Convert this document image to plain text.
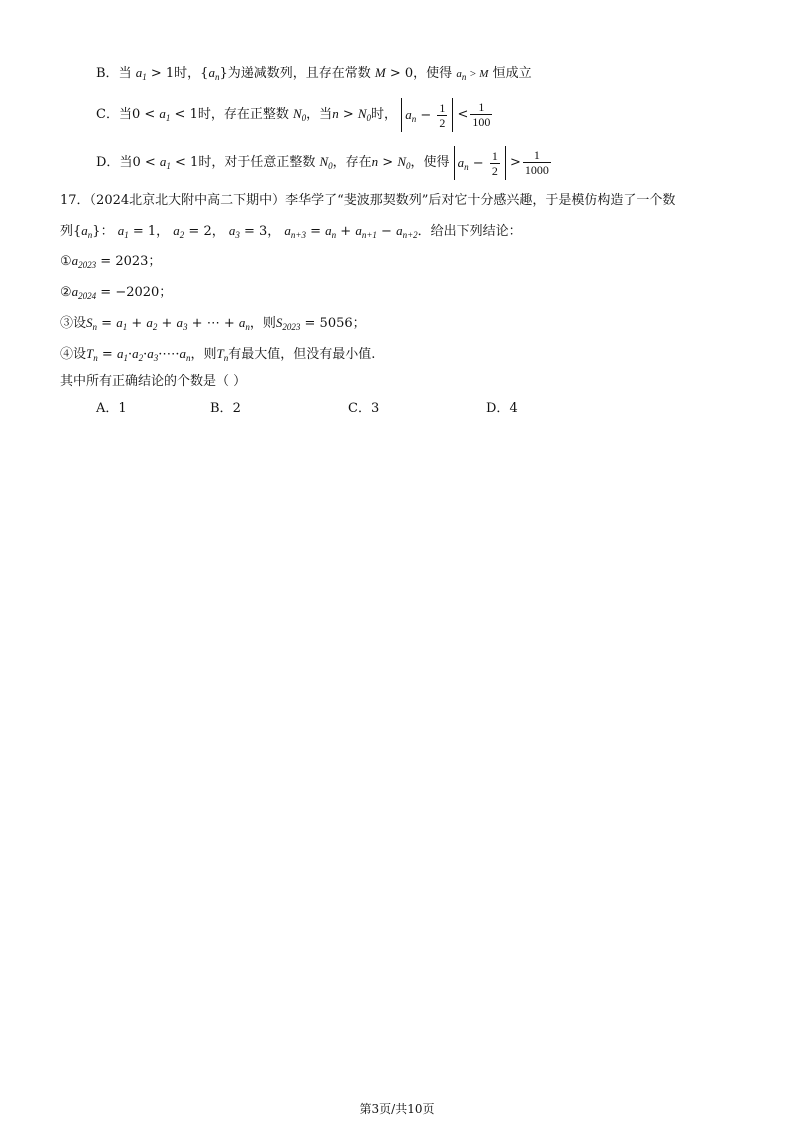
B．当 $a_1 > 1$时，$\{a_n\}$为递减数列，且存在常数 M > 0，使得 $a_n > M$ 恒成立
C．当$0 < a_1 < 1$时，存在正整数 $N_0$，当$n > N_0$时， $a_n - \frac{1}{2} < \frac{1}{100}$
D．当$0 < a_1 < 1$时，对于任意正整数 $N_0$，存在$n > N_0$，使得 $a_n - \frac{1}{2} > \frac{1}{1000}$
17．（2024北京北大附中高二下期中）李华学了“斐波那契数列”后对它十分感兴趣，于是模仿构造了一个数
列$\{a_n\}$： $a_1 = 1$， $a_2 = 2$， $a_3 = 3$， $a_{n+3} = a_n + a_{n+1} - a_{n+2}$．给出下列结论：
$①a_{2023} = 2023$；
$②a_{2024} = -2020$；
③设$S_n = a_1 + a_2 + a_3$ + ⋯ + $a_n$，则$S_{2023} = 5056$；
④设$T_n$ = $a_1\cdot a_2\cdot a_3\cdot\cdots\cdot a_n$，则$T_n$有最大值，但没有最小值.
其中所有正确结论的个数是（ ）
A．1	B．2	C．3	D．4
第3页/共10页
